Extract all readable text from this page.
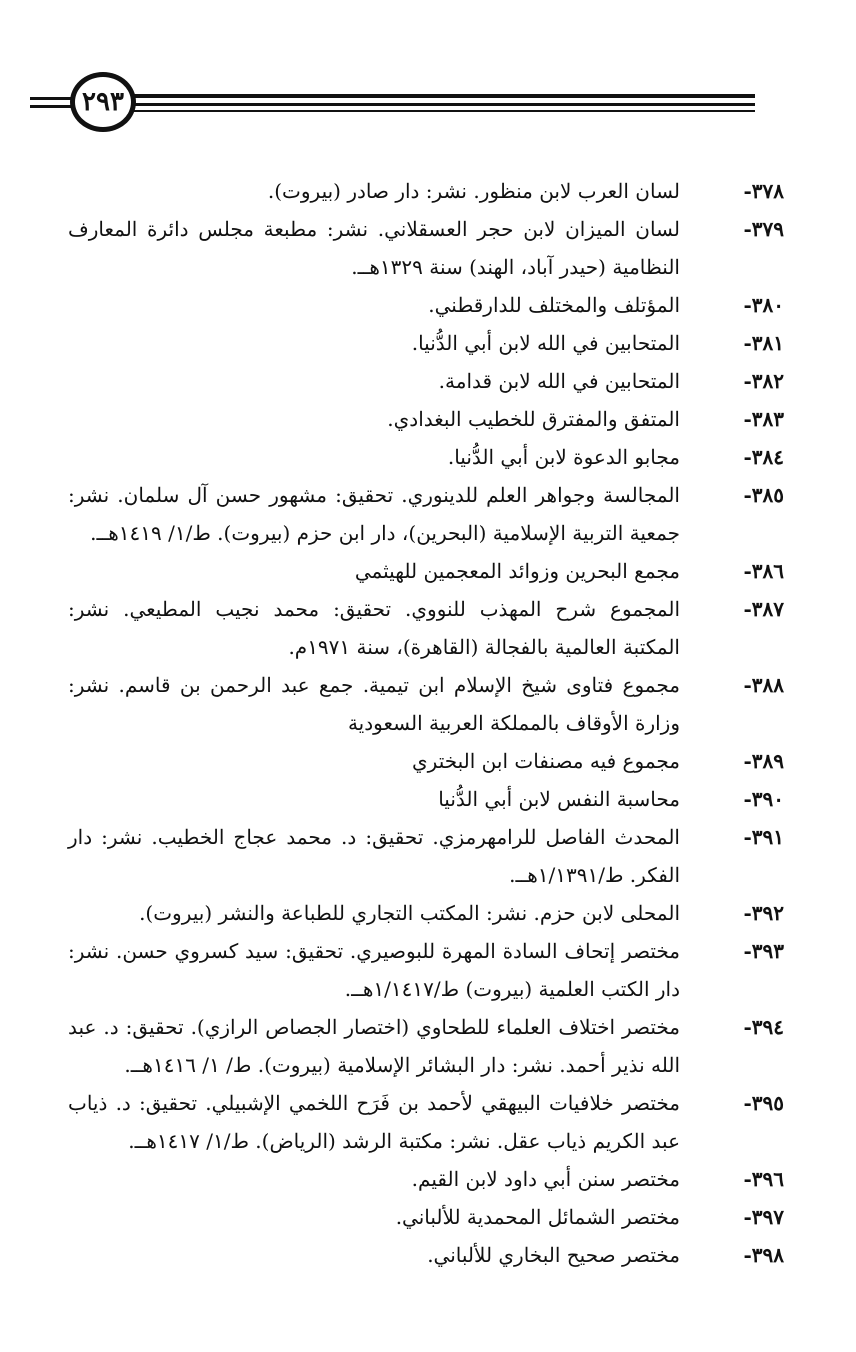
٢٩٣

٣٧٨-
لسان العرب لابن منظور. نشر: دار صادر (بيروت).

٣٧٩-
لسان الميزان لابن حجر العسقلاني. نشر: مطبعة مجلس دائرة المعارف النظامية (حيدر آباد، الهند) سنة ١٣٢٩هــ.

٣٨٠-
المؤتلف والمختلف للدارقطني.

٣٨١-
المتحابين في الله لابن أبي الدُّنيا.

٣٨٢-
المتحابين في الله لابن قدامة.

٣٨٣-
المتفق والمفترق للخطيب البغدادي.

٣٨٤-
مجابو الدعوة لابن أبي الدُّنيا.

٣٨٥-
المجالسة وجواهر العلم للدينوري. تحقيق: مشهور حسن آل سلمان. نشر: جمعية التربية الإسلامية (البحرين)، دار ابن حزم (بيروت). ط/١/ ١٤١٩هــ.

٣٨٦-
مجمع البحرين وزوائد المعجمين للهيثمي

٣٨٧-
المجموع شرح المهذب للنووي. تحقيق: محمد نجيب المطيعي. نشر: المكتبة العالمية بالفجالة (القاهرة)، سنة ١٩٧١م.

٣٨٨-
مجموع فتاوى شيخ الإسلام ابن تيمية. جمع عبد الرحمن بن قاسم. نشر: وزارة الأوقاف بالمملكة العربية السعودية

٣٨٩-
مجموع فيه مصنفات ابن البختري

٣٩٠-
محاسبة النفس لابن أبي الدُّنيا

٣٩١-
المحدث الفاصل للرامهرمزي. تحقيق: د. محمد عجاج الخطيب. نشر: دار الفكر. ط/١/١٣٩١هــ.

٣٩٢-
المحلى لابن حزم. نشر: المكتب التجاري للطباعة والنشر (بيروت).

٣٩٣-
مختصر إتحاف السادة المهرة للبوصيري. تحقيق: سيد كسروي حسن. نشر: دار الكتب العلمية (بيروت) ط/١/١٤١٧هــ.

٣٩٤-
مختصر اختلاف العلماء للطحاوي (اختصار الجصاص الرازي). تحقيق: د. عبد الله نذير أحمد. نشر: دار البشائر الإسلامية (بيروت). ط/ ١/ ١٤١٦هــ.

٣٩٥-
مختصر خلافيات البيهقي لأحمد بن فَرَح اللخمي الإشبيلي. تحقيق: د. ذياب عبد الكريم ذياب عقل. نشر: مكتبة الرشد (الرياض). ط/١/ ١٤١٧هــ.

٣٩٦-
مختصر سنن أبي داود لابن القيم.

٣٩٧-
مختصر الشمائل المحمدية للألباني.

٣٩٨-
مختصر صحيح البخاري للألباني.
